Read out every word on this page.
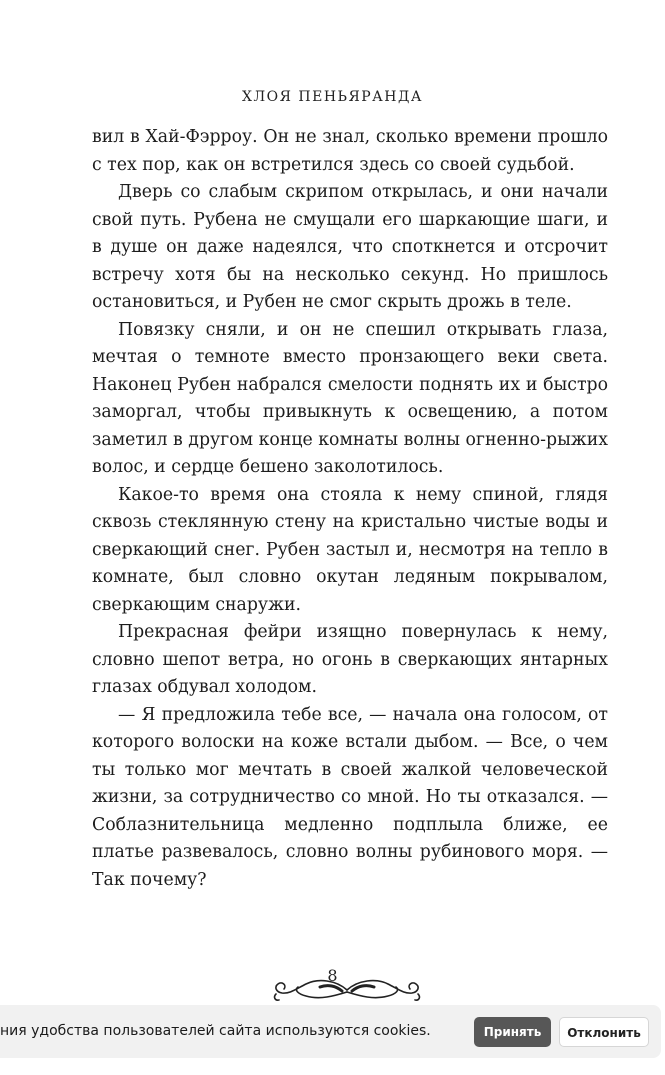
ХЛОЯ ПЕНЬЯРАНДА

вил в Хай-Фэрроу. Он не знал, сколько времени прошло с тех пор, как он встретился здесь со своей судьбой.

Дверь со слабым скрипом открылась, и они начали свой путь. Рубена не смущали его шаркающие шаги, и в душе он даже надеялся, что споткнется и отсрочит встречу хотя бы на несколько секунд. Но пришлось остановиться, и Рубен не смог скрыть дрожь в теле.

Повязку сняли, и он не спешил открывать глаза, мечтая о темноте вместо пронзающего веки света. Наконец Рубен набрался смелости поднять их и быстро заморгал, чтобы привыкнуть к освещению, а потом заметил в другом конце комнаты волны огненно-рыжих волос, и сердце бешено заколотилось.

Какое-то время она стояла к нему спиной, глядя сквозь стеклянную стену на кристально чистые воды и сверкающий снег. Рубен застыл и, несмотря на тепло в комнате, был словно окутан ледяным покрывалом, сверкающим снаружи.

Прекрасная фейри изящно повернулась к нему, словно шепот ветра, но огонь в сверкающих янтарных глазах обдувал холодом.

— Я предложила тебе все, — начала она голосом, от которого волоски на коже встали дыбом. — Все, о чем ты только мог мечтать в своей жалкой человеческой жизни, за сотрудничество со мной. Но ты отказался. — Соблазнительница медленно подплыла ближе, ее платье развевалось, словно волны рубинового моря. — Так почему?

8
ния удобства пользователей сайта используются cookies.	Принять	Отклонить
